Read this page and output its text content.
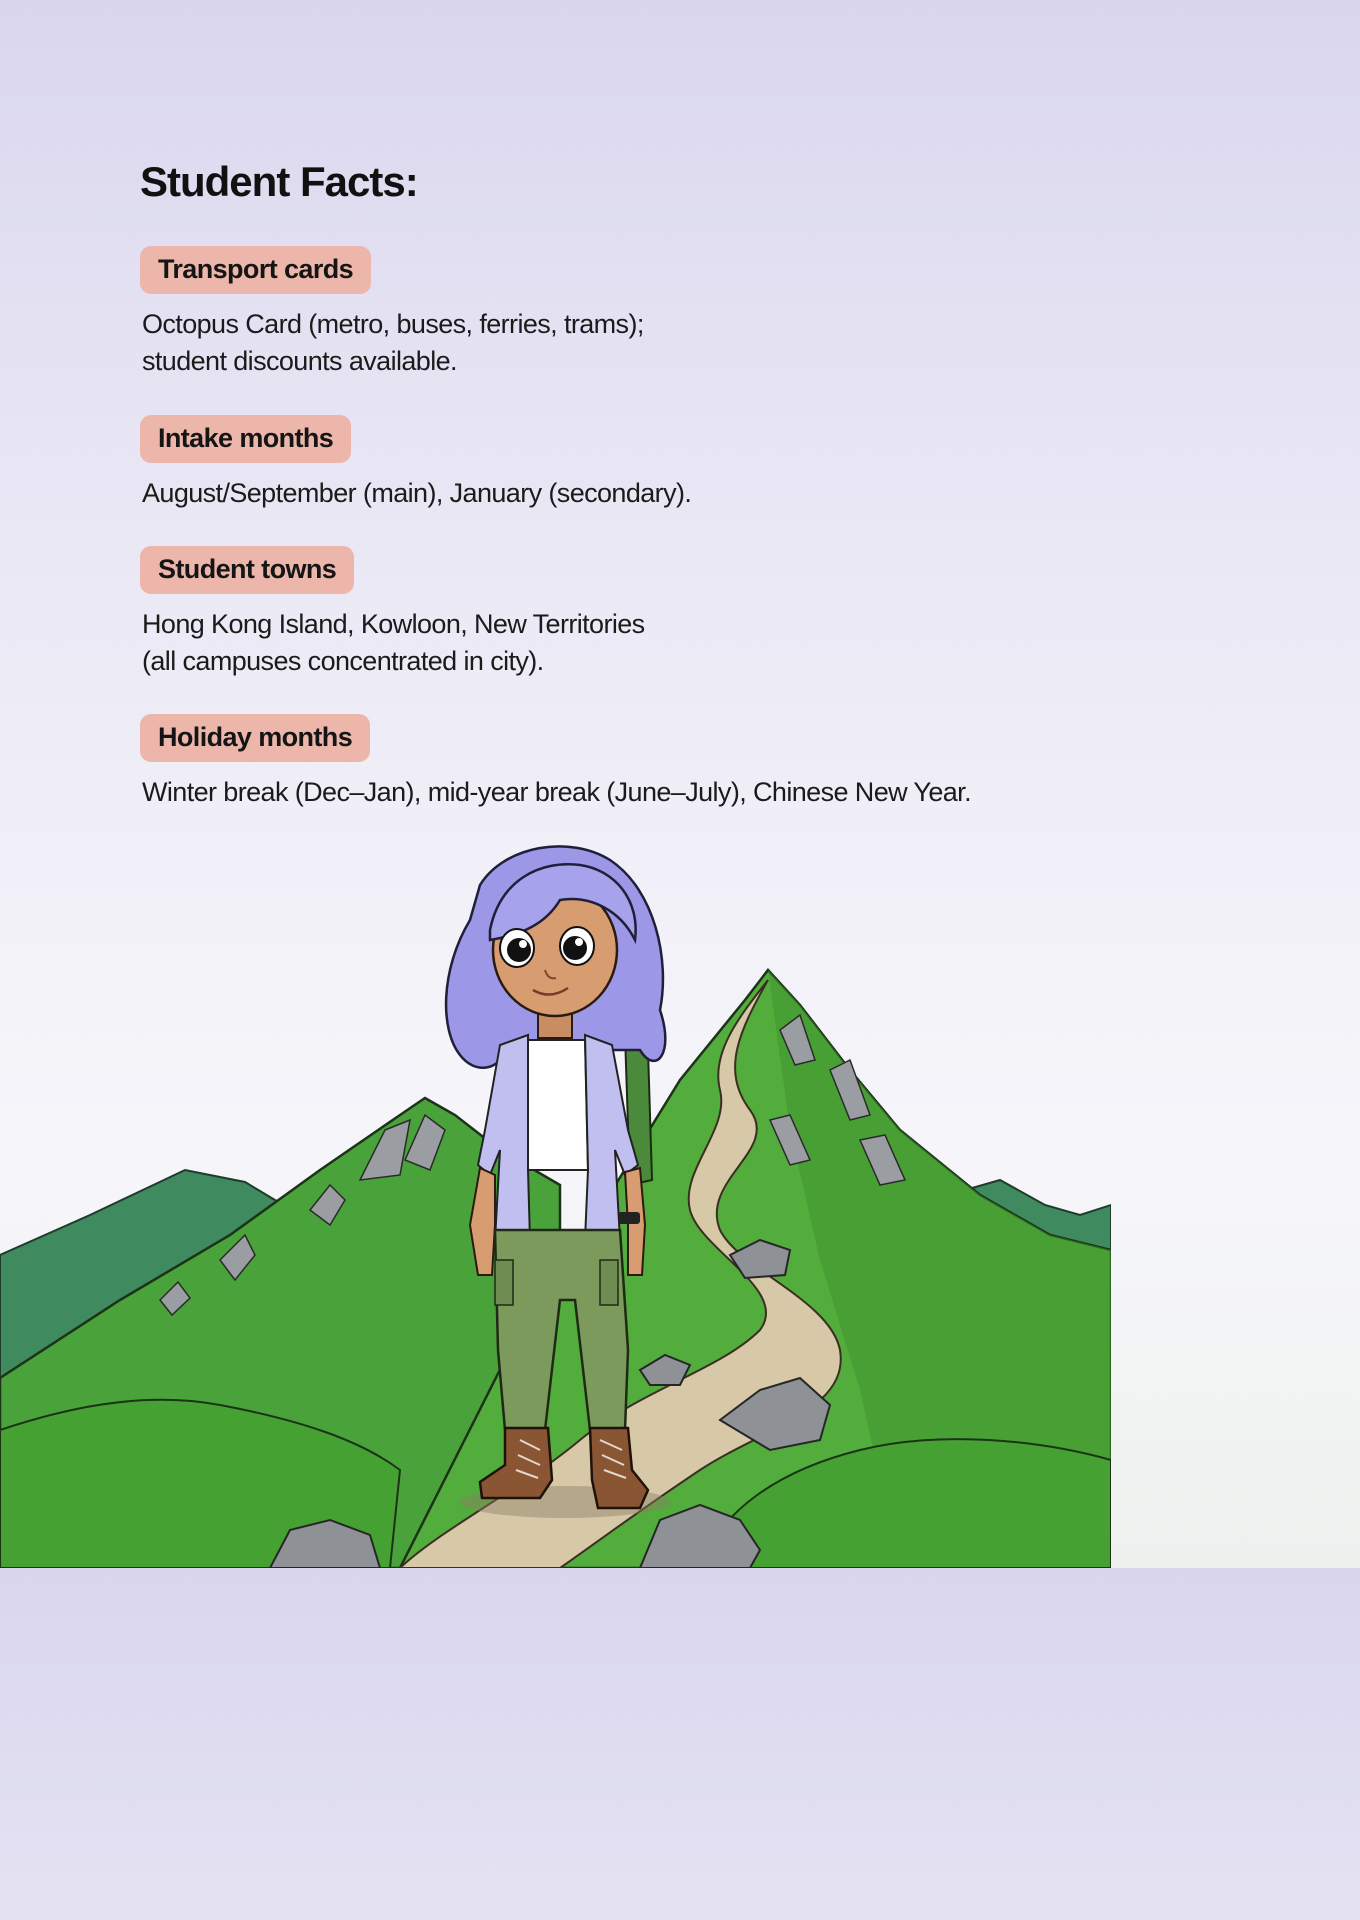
Student Facts:
Transport cards

Octopus Card (metro, buses, ferries, trams);
student discounts available.

Intake months

August/September (main), January (secondary).

Student towns

Hong Kong Island, Kowloon, New Territories
(all campuses concentrated in city).

Holiday months

Winter break (Dec–Jan), mid-year break (June–July), Chinese New Year.
